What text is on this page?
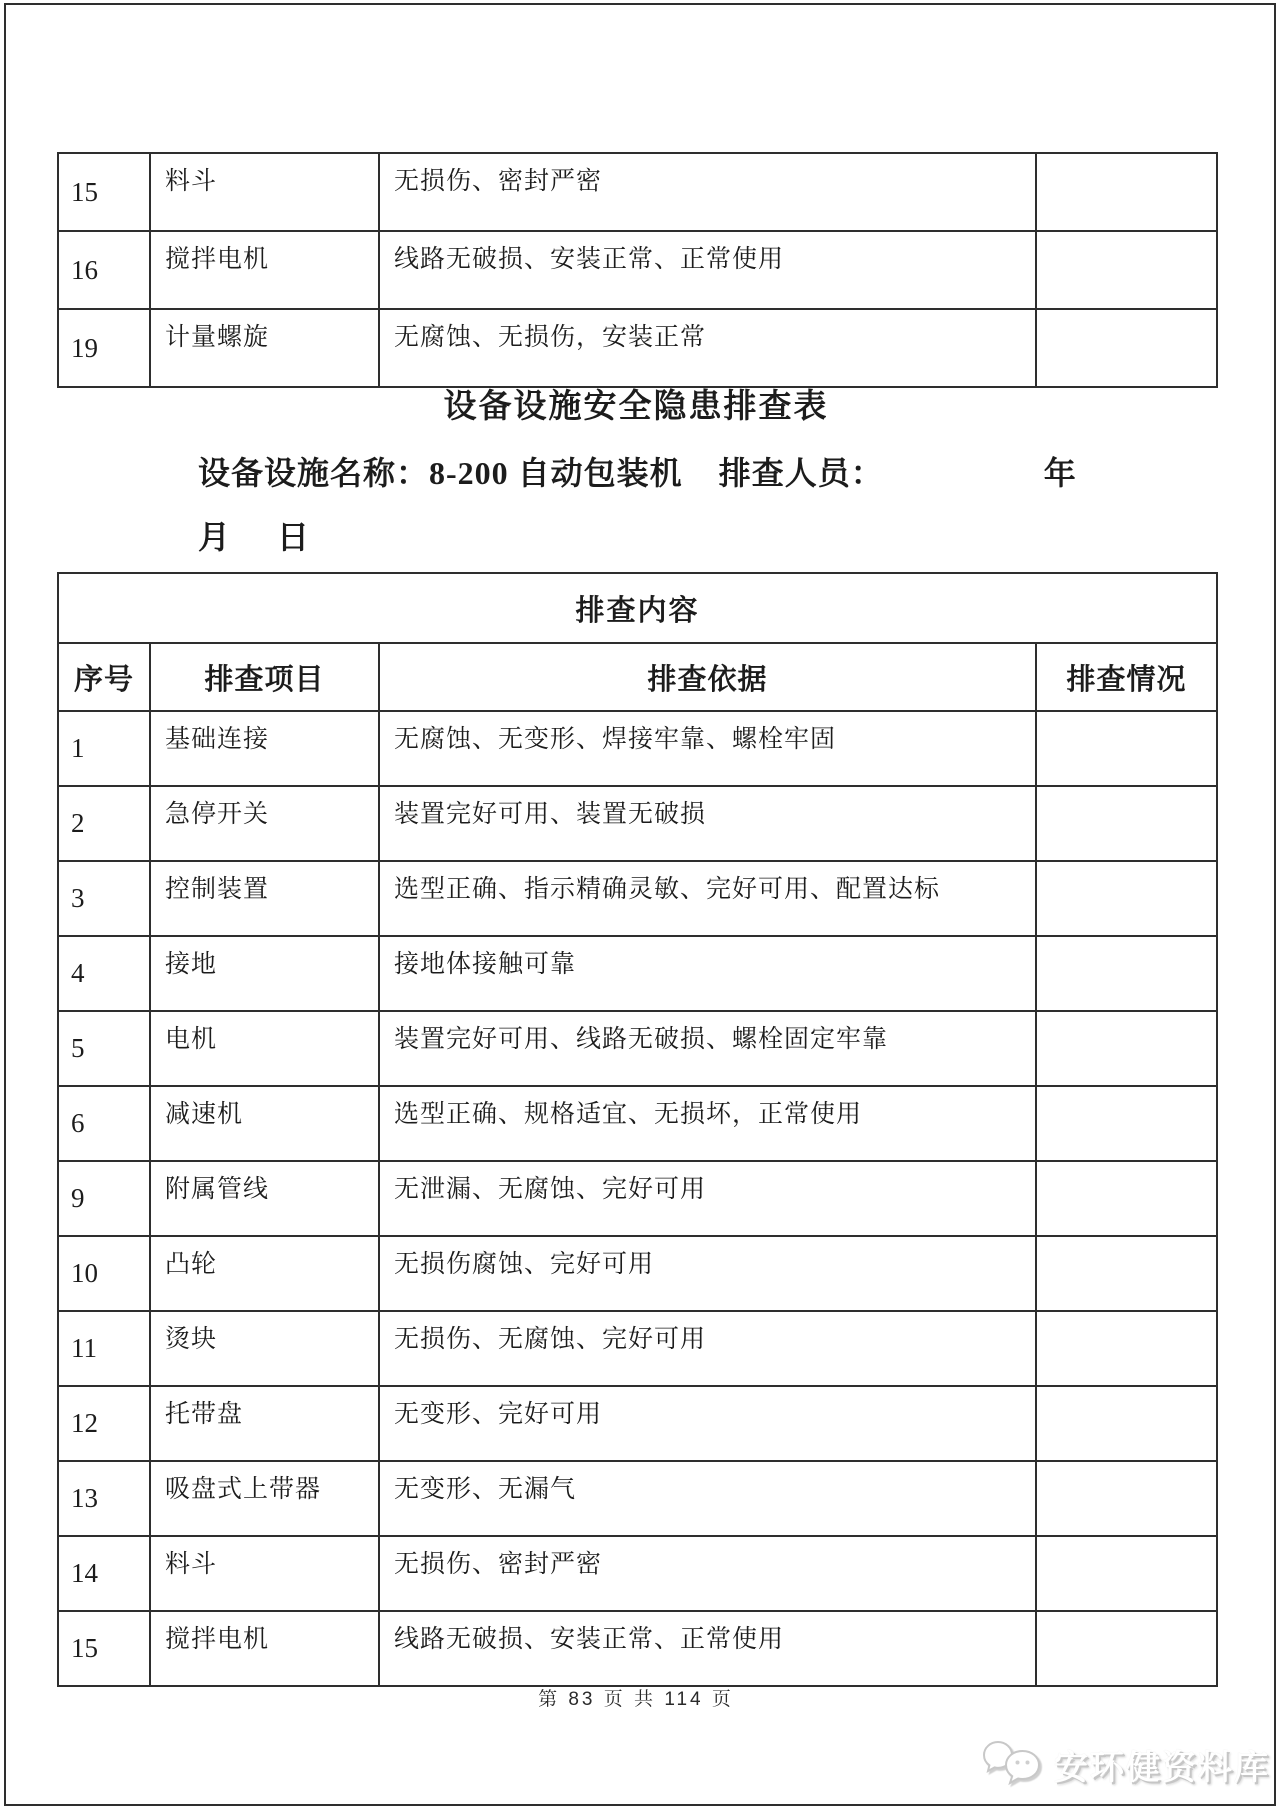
15	料斗	无损伤、密封严密	
16	搅拌电机	线路无破损、安装正常、正常使用	
19	计量螺旋	无腐蚀、无损伤，安装正常	
设备设施安全隐患排查表
设备设施名称：8-200 自动包装机 排查人员：	年
月 日
排查内容			
序号	排查项目	排查依据	排查情况
1	基础连接	无腐蚀、无变形、焊接牢靠、螺栓牢固	
2	急停开关	装置完好可用、装置无破损	
3	控制装置	选型正确、指示精确灵敏、完好可用、配置达标	
4	接地	接地体接触可靠	
5	电机	装置完好可用、线路无破损、螺栓固定牢靠	
6	减速机	选型正确、规格适宜、无损坏，正常使用	
9	附属管线	无泄漏、无腐蚀、完好可用	
10	凸轮	无损伤腐蚀、完好可用	
11	烫块	无损伤、无腐蚀、完好可用	
12	托带盘	无变形、完好可用	
13	吸盘式上带器	无变形、无漏气	
14	料斗	无损伤、密封严密	
15	搅拌电机	线路无破损、安装正常、正常使用	
第 83 页 共 114 页
安环健资料库
